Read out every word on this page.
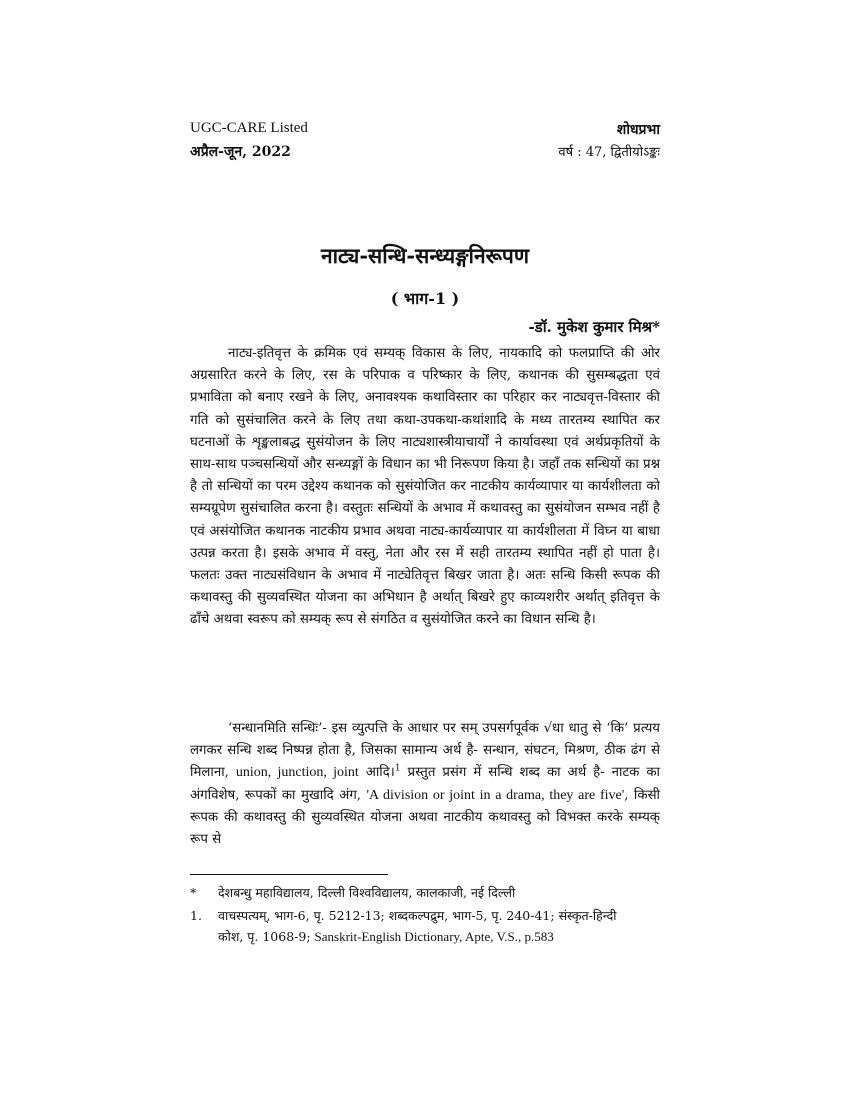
UGC-CARE Listed	शोधप्रभा
अप्रैल-जून, 2022	वर्ष : 47, द्वितीयोऽङ्कः
नाट्य-सन्धि-सन्ध्यङ्गनिरूपण
( भाग-1 )
-डॉ. मुकेश कुमार मिश्र*

नाट्य-इतिवृत्त के क्रमिक एवं सम्यक् विकास के लिए, नायकादि को फलप्राप्ति की ओर अग्रसारित करने के लिए, रस के परिपाक व परिष्कार के लिए, कथानक की सुसम्बद्धता एवं प्रभाविता को बनाए रखने के लिए, अनावश्यक कथाविस्तार का परिहार कर नाट्यवृत्त-विस्तार की गति को सुसंचालित करने के लिए तथा कथा-उपकथा-कथांशादि के मध्य तारतम्य स्थापित कर घटनाओं के शृङ्खलाबद्ध सुसंयोजन के लिए नाट्यशास्त्रीयाचार्यों ने कार्यावस्था एवं अर्थप्रकृतियों के साथ-साथ पञ्चसन्धियों और सन्ध्यङ्गों के विधान का भी निरूपण किया है। जहाँ तक सन्धियों का प्रश्न है तो सन्धियों का परम उद्देश्य कथानक को सुसंयोजित कर नाटकीय कार्यव्यापार या कार्यशीलता को सम्यग्रूपेण सुसंचालित करना है। वस्तुतः सन्धियों के अभाव में कथावस्तु का सुसंयोजन सम्भव नहीं है एवं असंयोजित कथानक नाटकीय प्रभाव अथवा नाट्य-कार्यव्यापार या कार्यशीलता में विघ्न या बाधा उत्पन्न करता है। इसके अभाव में वस्तु, नेता और रस में सही तारतम्य स्थापित नहीं हो पाता है। फलतः उक्त नाट्यसंविधान के अभाव में नाट्येतिवृत्त बिखर जाता है। अतः सन्धि किसी रूपक की कथावस्तु की सुव्यवस्थित योजना का अभिधान है अर्थात् बिखरे हुए काव्यशरीर अर्थात् इतिवृत्त के ढाँचे अथवा स्वरूप को सम्यक् रूप से संगठित व सुसंयोजित करने का विधान सन्धि है।

‘सन्धानमिति सन्धिः’- इस व्युत्पत्ति के आधार पर सम् उपसर्गपूर्वक √धा धातु से ‘कि’ प्रत्यय लगकर सन्धि शब्द निष्पन्न होता है, जिसका सामान्य अर्थ है- सन्धान, संघटन, मिश्रण, ठीक ढंग से मिलाना, union, junction, joint आदि।$^1$ प्रस्तुत प्रसंग में सन्धि शब्द का अर्थ है- नाटक का अंगविशेष, रूपकों का मुखादि अंग, 'A division or joint in a drama, they are five', किसी रूपक की कथावस्तु की सुव्यवस्थित योजना अथवा नाटकीय कथावस्तु को विभक्त करके सम्यक् रूप से

* देशबन्धु महाविद्यालय, दिल्ली विश्वविद्यालय, कालकाजी, नई दिल्ली
1. वाचस्पत्यम्, भाग-6, पृ. 5212-13; शब्दकल्पद्रुम, भाग-5, पृ. 240-41; संस्कृत-हिन्दी
कोश, पृ. 1068-9; Sanskrit-English Dictionary, Apte, V.S., p.583
